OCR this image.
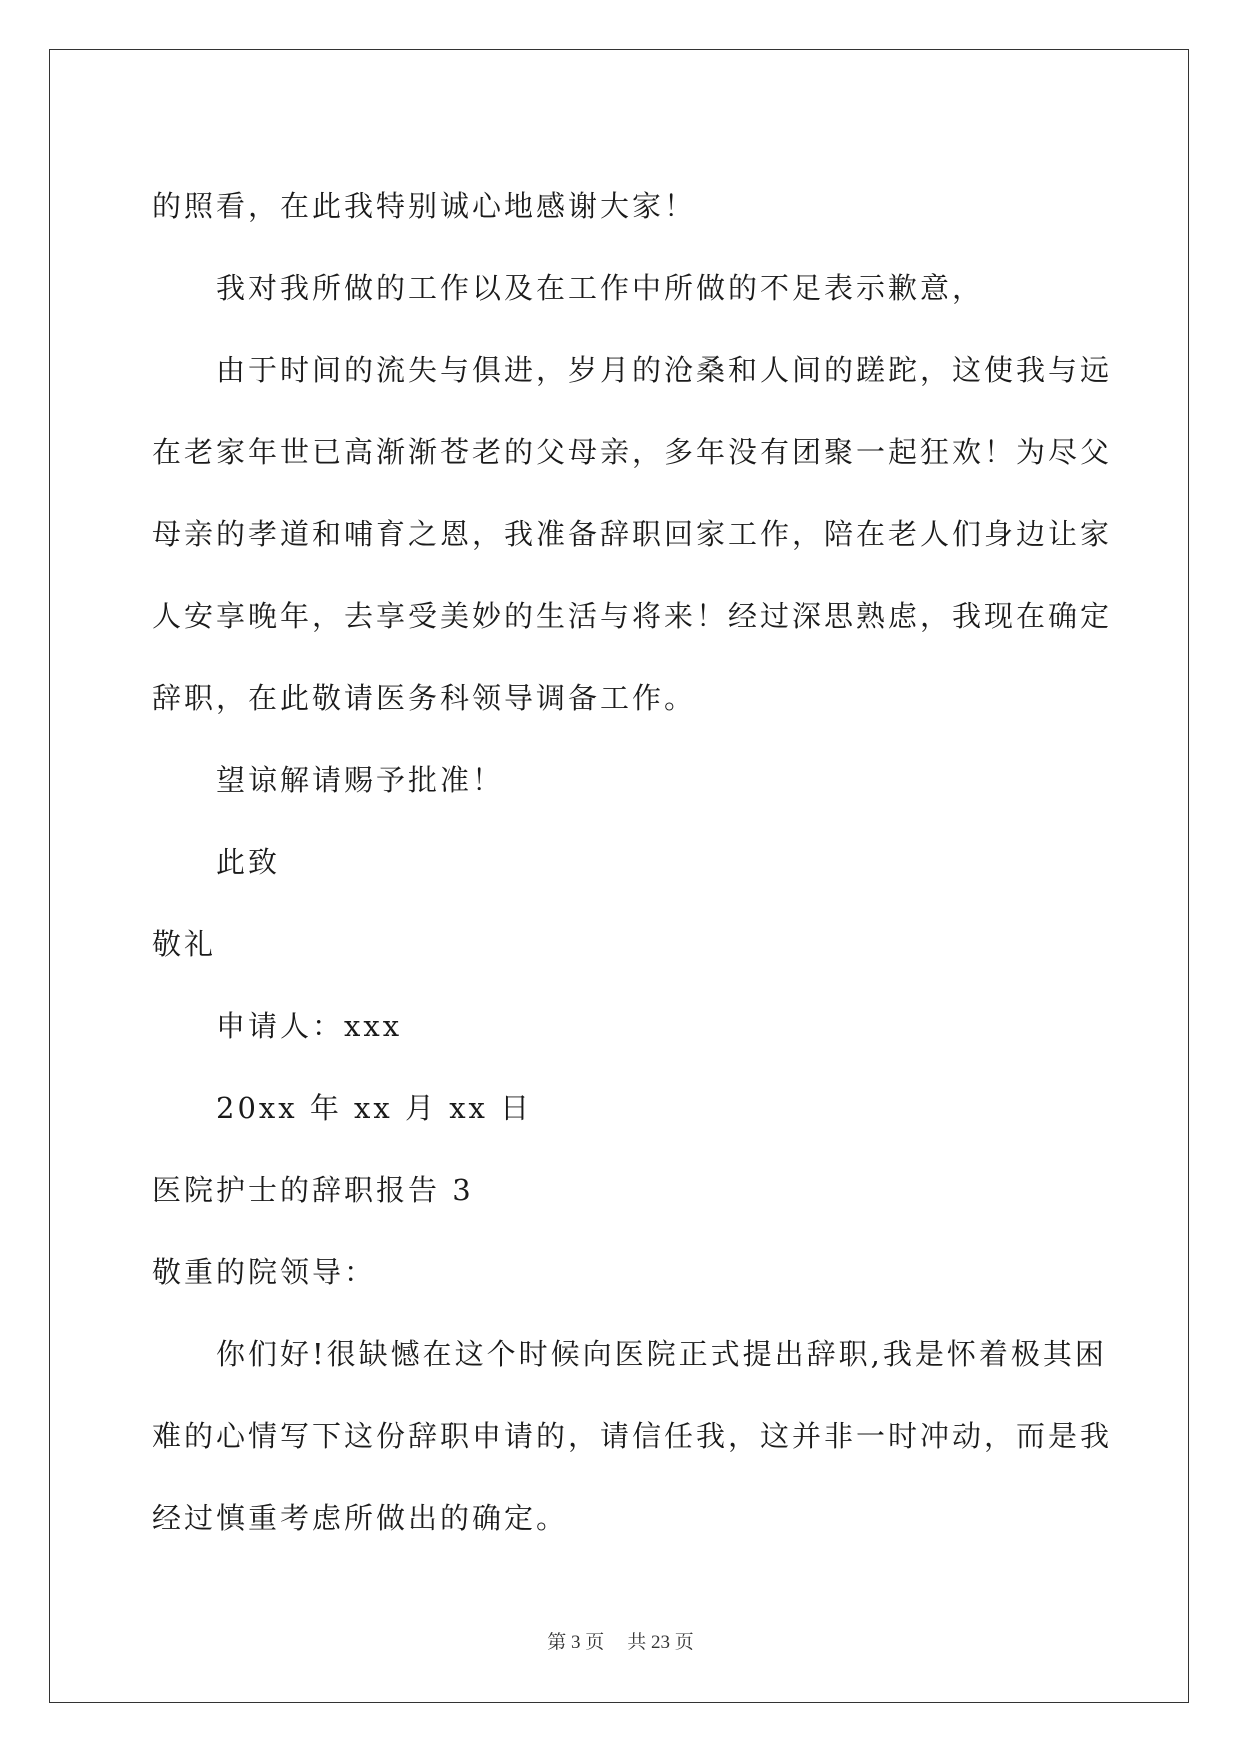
的照看，在此我特别诚心地感谢大家！

我对我所做的工作以及在工作中所做的不足表示歉意，

由于时间的流失与俱进，岁月的沧桑和人间的蹉跎，这使我与远

在老家年世已高渐渐苍老的父母亲，多年没有团聚一起狂欢！为尽父

母亲的孝道和哺育之恩，我准备辞职回家工作，陪在老人们身边让家

人安享晚年，去享受美妙的生活与将来！经过深思熟虑，我现在确定

辞职，在此敬请医务科领导调备工作。

望谅解请赐予批准！

此致

敬礼

申请人：xxx

20xx 年 xx 月 xx 日

医院护士的辞职报告 3

敬重的院领导：

你们好!很缺憾在这个时候向医院正式提出辞职,我是怀着极其困

难的心情写下这份辞职申请的，请信任我，这并非一时冲动，而是我

经过慎重考虑所做出的确定。

第 3 页 共 23 页
